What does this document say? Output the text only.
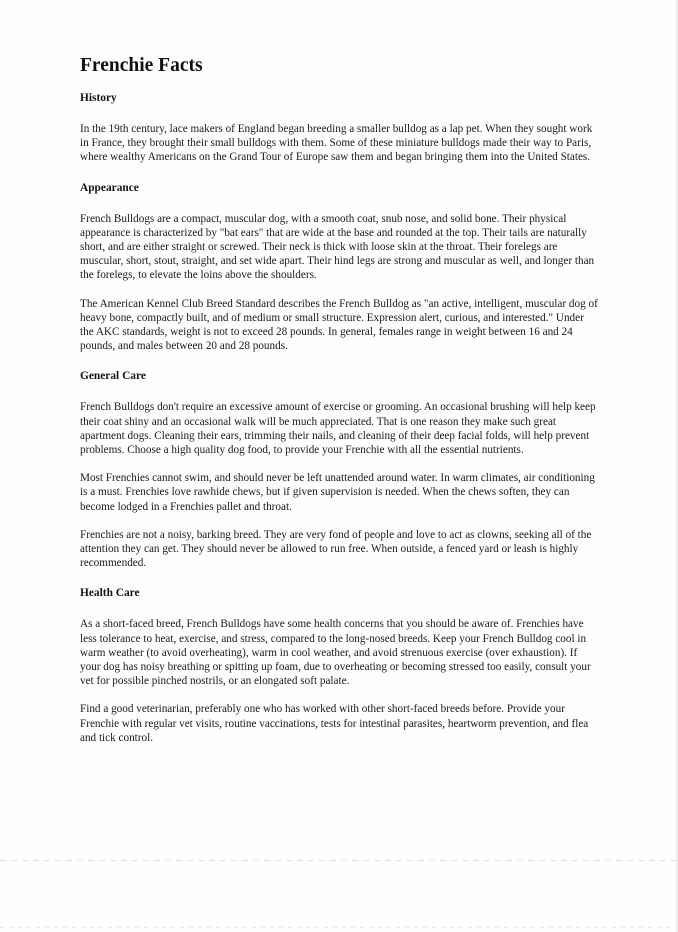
Frenchie Facts
History

In the 19th century, lace makers of England began breeding a smaller bulldog as a lap pet. When they sought work in France, they brought their small bulldogs with them. Some of these miniature bulldogs made their way to Paris, where wealthy Americans on the Grand Tour of Europe saw them and began bringing them into the United States.

Appearance

French Bulldogs are a compact, muscular dog, with a smooth coat, snub nose, and solid bone. Their physical appearance is characterized by "bat ears" that are wide at the base and rounded at the top. Their tails are naturally short, and are either straight or screwed. Their neck is thick with loose skin at the throat. Their forelegs are muscular, short, stout, straight, and set wide apart. Their hind legs are strong and muscular as well, and longer than the forelegs, to elevate the loins above the shoulders.

The American Kennel Club Breed Standard describes the French Bulldog as "an active, intelligent, muscular dog of heavy bone, compactly built, and of medium or small structure. Expression alert, curious, and interested." Under the AKC standards, weight is not to exceed 28 pounds. In general, females range in weight between 16 and 24 pounds, and males between 20 and 28 pounds.

General Care

French Bulldogs don't require an excessive amount of exercise or grooming. An occasional brushing will help keep their coat shiny and an occasional walk will be much appreciated. That is one reason they make such great apartment dogs. Cleaning their ears, trimming their nails, and cleaning of their deep facial folds, will help prevent problems. Choose a high quality dog food, to provide your Frenchie with all the essential nutrients.

Most Frenchies cannot swim, and should never be left unattended around water. In warm climates, air conditioning is a must. Frenchies love rawhide chews, but if given supervision is needed. When the chews soften, they can become lodged in a Frenchies pallet and throat.

Frenchies are not a noisy, barking breed. They are very fond of people and love to act as clowns, seeking all of the attention they can get. They should never be allowed to run free. When outside, a fenced yard or leash is highly recommended.

Health Care

As a short-faced breed, French Bulldogs have some health concerns that you should be aware of. Frenchies have less tolerance to heat, exercise, and stress, compared to the long-nosed breeds. Keep your French Bulldog cool in warm weather (to avoid overheating), warm in cool weather, and avoid strenuous exercise (over exhaustion). If your dog has noisy breathing or spitting up foam, due to overheating or becoming stressed too easily, consult your vet for possible pinched nostrils, or an elongated soft palate.

Find a good veterinarian, preferably one who has worked with other short-faced breeds before. Provide your Frenchie with regular vet visits, routine vaccinations, tests for intestinal parasites, heartworm prevention, and flea and tick control.
